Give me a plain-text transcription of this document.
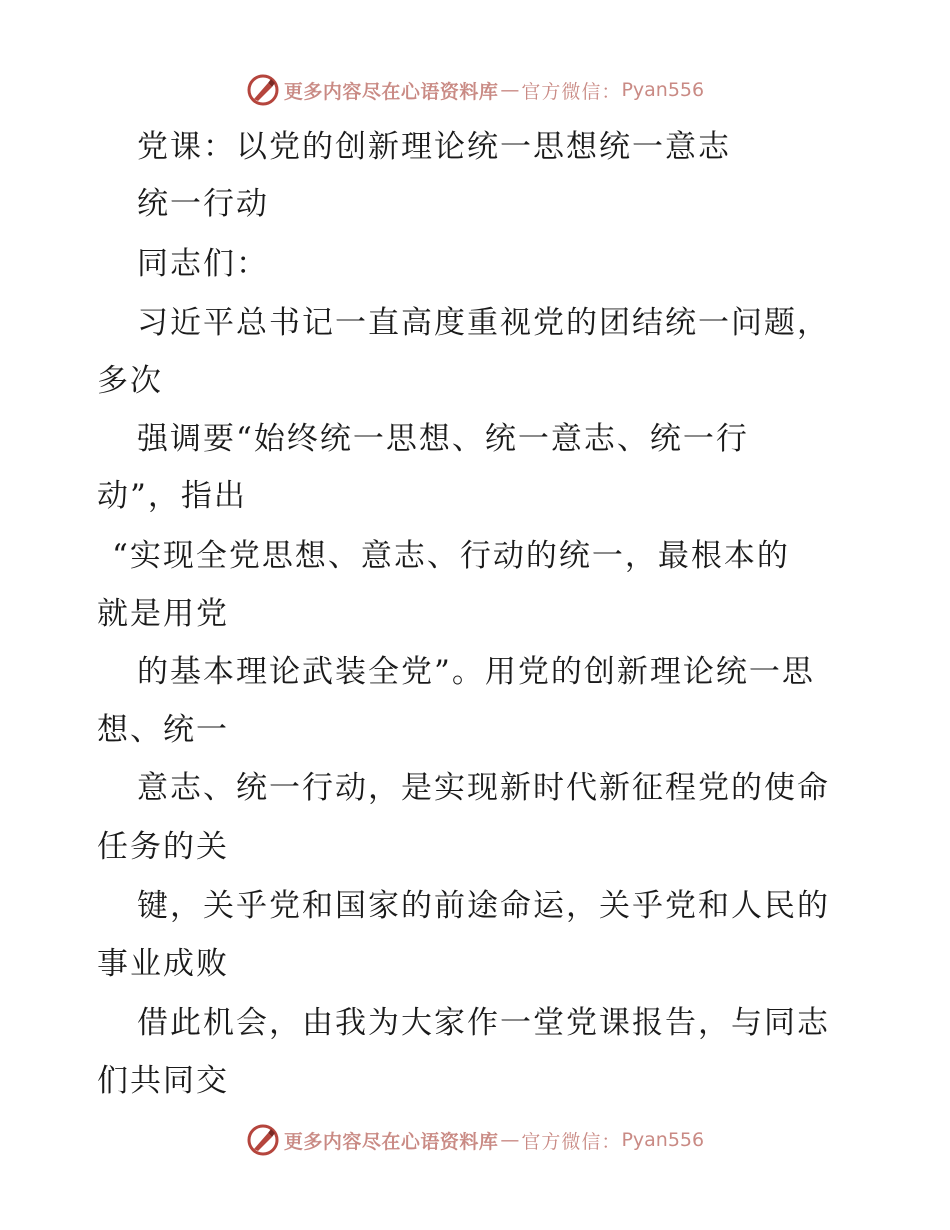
更多内容尽在心语资料库 — 官方微信： Pyan556
党课：以党的创新理论统一思想统一意志
统一行动
同志们：
习近平总书记一直高度重视党的团结统一问题，
多次
强调要“始终统一思想、统一意志、统一行
动”，指出
“实现全党思想、意志、行动的统一，最根本的
就是用党
的基本理论武装全党”。用党的创新理论统一思
想、统一
意志、统一行动，是实现新时代新征程党的使命
任务的关
键，关乎党和国家的前途命运，关乎党和人民的
事业成败
借此机会，由我为大家作一堂党课报告，与同志
们共同交
更多内容尽在心语资料库 — 官方微信： Pyan556
